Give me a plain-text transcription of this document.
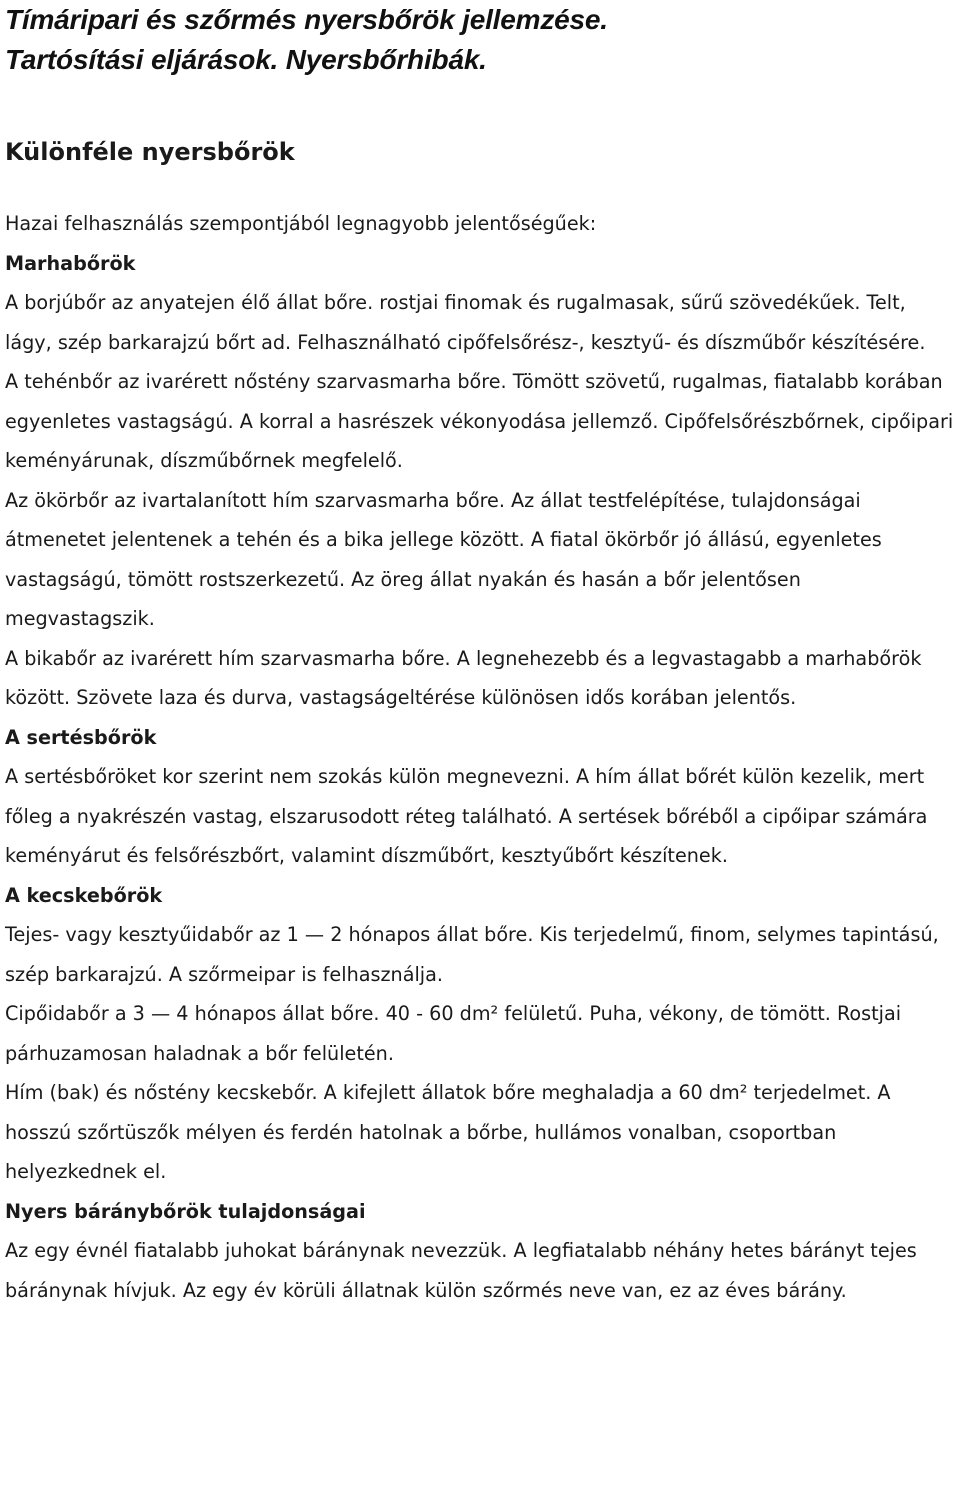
Tímáripari és szőrmés nyersbőrök jellemzése.
Tartósítási eljárások. Nyersbőrhibák.
Különféle nyersbőrök

Hazai felhasználás szempontjából legnagyobb jelentőségűek:

Marhabőrök

A borjúbőr az anyatejen élő állat bőre. rostjai finomak és rugalmasak, sűrű szövedékűek. Telt, lágy, szép barkarajzú bőrt ad. Felhasználható cipőfelsőrész-, kesztyű- és díszműbőr készítésére.

A tehénbőr az ivarérett nőstény szarvasmarha bőre. Tömött szövetű, rugalmas, fiatalabb korában egyenletes vastagságú. A korral a hasrészek vékonyodása jellemző. Cipőfelsőrészbőrnek, cipőipari keményárunak, díszműbőrnek megfelelő.

Az ökörbőr az ivartalanított hím szarvasmarha bőre. Az állat testfelépítése, tulajdonságai átmenetet jelentenek a tehén és a bika jellege között. A fiatal ökörbőr jó állású, egyenletes vastagságú, tömött rostszerkezetű. Az öreg állat nyakán és hasán a bőr jelentősen megvastagszik.

A bikabőr az ivarérett hím szarvasmarha bőre. A legnehezebb és a legvastagabb a marhabőrök között. Szövete laza és durva, vastagságeltérése különösen idős korában jelentős.

A sertésbőrök

A sertésbőröket kor szerint nem szokás külön megnevezni. A hím állat bőrét külön kezelik, mert főleg a nyakrészén vastag, elszarusodott réteg található. A sertések bőréből a cipőipar számára keményárut és felsőrészbőrt, valamint díszműbőrt, kesztyűbőrt készítenek.

A kecskebőrök

Tejes- vagy kesztyűidabőr az 1 — 2 hónapos állat bőre. Kis terjedelmű, finom, selymes tapintású, szép barkarajzú. A szőrmeipar is felhasználja.

Cipőidabőr a 3 — 4 hónapos állat bőre. 40 - 60 dm² felületű. Puha, vékony, de tömött. Rostjai párhuzamosan haladnak a bőr felületén.

Hím (bak) és nőstény kecskebőr. A kifejlett állatok bőre meghaladja a 60 dm² terjedelmet. A hosszú szőrtüszők mélyen és ferdén hatolnak a bőrbe, hullámos vonalban, csoportban helyezkednek el.

Nyers báránybőrök tulajdonságai

Az egy évnél fiatalabb juhokat báránynak nevezzük. A legfiatalabb néhány hetes bárányt tejes báránynak hívjuk. Az egy év körüli állatnak külön szőrmés neve van, ez az éves bárány.
